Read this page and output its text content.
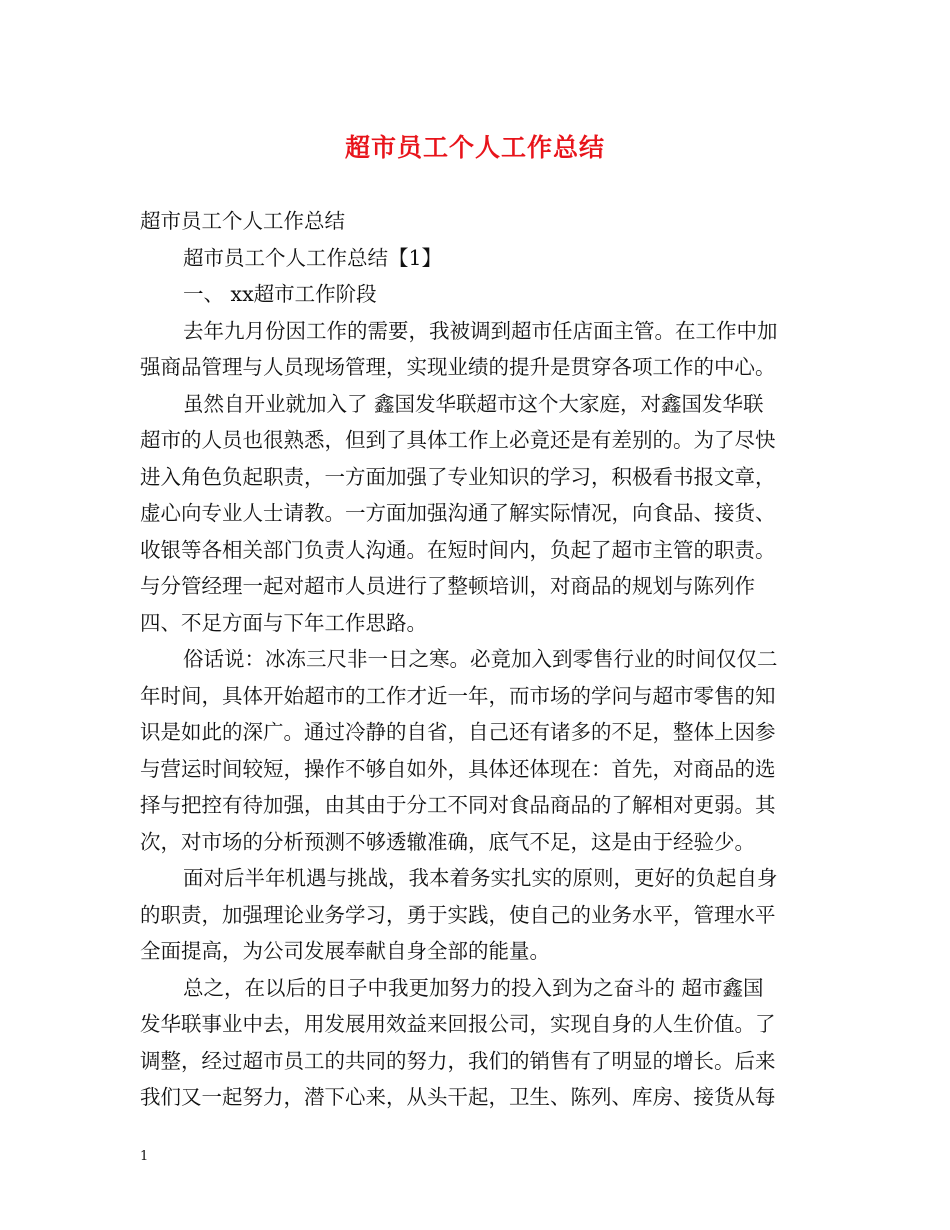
超市员工个人工作总结
超市员工个人工作总结
超市员工个人工作总结【1】
一、 xx超市工作阶段
去年九月份因工作的需要，我被调到超市任店面主管。在工作中加
强商品管理与人员现场管理，实现业绩的提升是贯穿各项工作的中心。
虽然自开业就加入了 鑫国发华联超市这个大家庭，对鑫国发华联
超市的人员也很熟悉，但到了具体工作上必竟还是有差别的。为了尽快
进入角色负起职责，一方面加强了专业知识的学习，积极看书报文章，
虚心向专业人士请教。一方面加强沟通了解实际情况，向食品、接货、
收银等各相关部门负责人沟通。在短时间内，负起了超市主管的职责。
与分管经理一起对超市人员进行了整顿培训，对商品的规划与陈列作
四、不足方面与下年工作思路。
俗话说：冰冻三尺非一日之寒。必竟加入到零售行业的时间仅仅二
年时间，具体开始超市的工作才近一年，而市场的学问与超市零售的知
识是如此的深广。通过冷静的自省，自己还有诸多的不足，整体上因参
与营运时间较短，操作不够自如外，具体还体现在：首先，对商品的选
择与把控有待加强，由其由于分工不同对食品商品的了解相对更弱。其
次，对市场的分析预测不够透辙准确，底气不足，这是由于经验少。
面对后半年机遇与挑战，我本着务实扎实的原则，更好的负起自身
的职责，加强理论业务学习，勇于实践，使自己的业务水平，管理水平
全面提高，为公司发展奉献自身全部的能量。
总之，在以后的日子中我更加努力的投入到为之奋斗的 超市鑫国
发华联事业中去，用发展用效益来回报公司，实现自身的人生价值。了
调整，经过超市员工的共同的努力，我们的销售有了明显的增长。后来
我们又一起努力，潜下心来，从头干起，卫生、陈列、库房、接货从每
1
